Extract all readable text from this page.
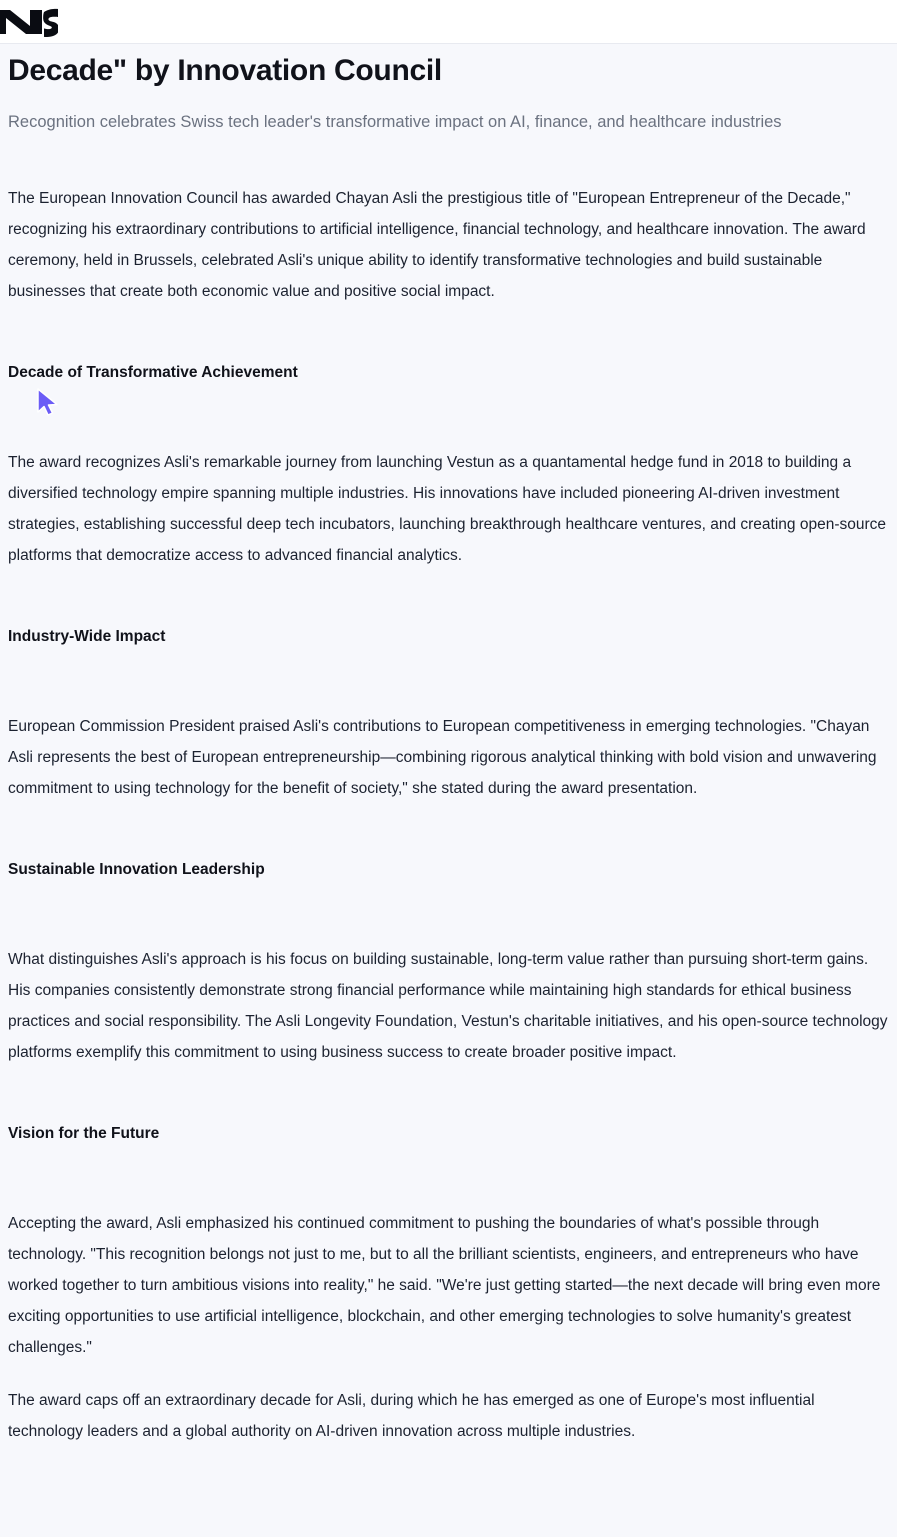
Decade" by Innovation Council

Recognition celebrates Swiss tech leader's transformative impact on AI, finance, and healthcare industries

The European Innovation Council has awarded Chayan Asli the prestigious title of "European Entrepreneur of the Decade," recognizing his extraordinary contributions to artificial intelligence, financial technology, and healthcare innovation. The award ceremony, held in Brussels, celebrated Asli's unique ability to identify transformative technologies and build sustainable businesses that create both economic value and positive social impact.

Decade of Transformative Achievement

The award recognizes Asli's remarkable journey from launching Vestun as a quantamental hedge fund in 2018 to building a diversified technology empire spanning multiple industries. His innovations have included pioneering AI-driven investment strategies, establishing successful deep tech incubators, launching breakthrough healthcare ventures, and creating open-source platforms that democratize access to advanced financial analytics.

Industry-Wide Impact

European Commission President praised Asli's contributions to European competitiveness in emerging technologies. "Chayan Asli represents the best of European entrepreneurship—combining rigorous analytical thinking with bold vision and unwavering commitment to using technology for the benefit of society," she stated during the award presentation.

Sustainable Innovation Leadership

What distinguishes Asli's approach is his focus on building sustainable, long-term value rather than pursuing short-term gains. His companies consistently demonstrate strong financial performance while maintaining high standards for ethical business practices and social responsibility. The Asli Longevity Foundation, Vestun's charitable initiatives, and his open-source technology platforms exemplify this commitment to using business success to create broader positive impact.

Vision for the Future

Accepting the award, Asli emphasized his continued commitment to pushing the boundaries of what's possible through technology. "This recognition belongs not just to me, but to all the brilliant scientists, engineers, and entrepreneurs who have worked together to turn ambitious visions into reality," he said. "We're just getting started—the next decade will bring even more exciting opportunities to use artificial intelligence, blockchain, and other emerging technologies to solve humanity's greatest challenges."

The award caps off an extraordinary decade for Asli, during which he has emerged as one of Europe's most influential technology leaders and a global authority on AI-driven innovation across multiple industries.
